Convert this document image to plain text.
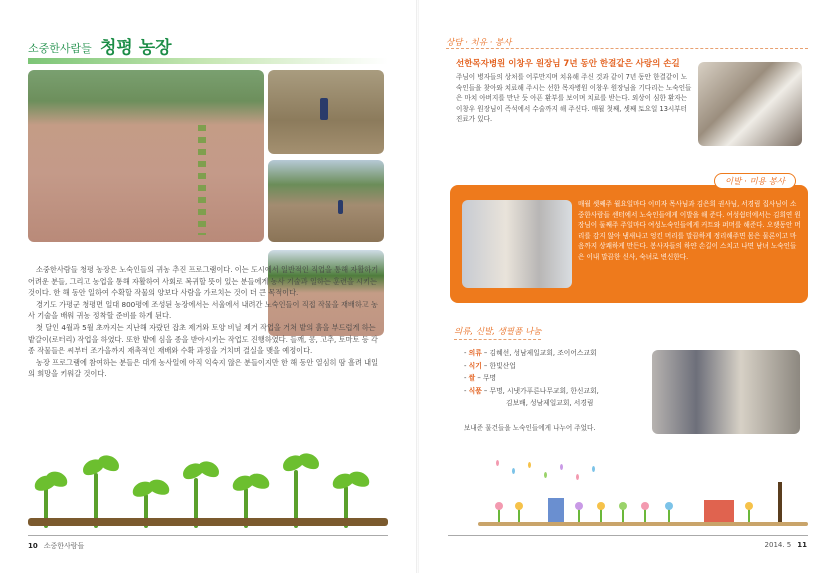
소중한사람들 청평 농장

소중한사람들 청평 농장은 노숙인들의 귀농 추진 프로그램이다. 이는 도시에서 일반적인 직업을 통해 자활하기 어려운 분들, 그리고 농업을 통해 자활하여 사회로 복귀할 뜻이 있는 분들에게 농사 기술과 일하는 훈련을 시키는 것이다. 한 해 동안 일하여 수확할 작물의 양보다 사람을 가르치는 것이 더 큰 목적이다.

경기도 가평군 청평면 일대 800평에 조성된 농장에서는 서울에서 내려간 노숙인들이 직접 작물을 재배하고 농사 기술을 배워 귀농 정착할 준비를 하게 된다.

첫 달인 4월과 5월 초까지는 지난해 자랐던 잡초 제거와 토양 비닐 제거 작업을 거쳐 밭의 흙을 부드럽게 하는 밭갈이(로터리) 작업을 하였다. 또한 밭에 심을 종을 받아시키는 작업도 진행하였다. 들깨, 콩, 고추, 토마토 등 각종 작물들은 씨부터 조가을까지 재촉적인 재배와 수확 과정을 거치며 결실을 맺을 예정이다.

농장 프로그램에 참여하는 분들은 대개 농사일에 아직 익숙지 않은 분들이지만 한 해 동안 열심히 땀 흘려 내일의 희망을 키워갈 것이다.

10 소중한사람들
상담 · 치유 · 봉사
선한목자병원 이창우 원장님 7년 동안 한결같은 사랑의 손길
주님이 병자들의 상처를 어루만지며 치유해 주신 것과 같이 7년 동안 한결같이 노숙인들을 찾아와 치료해 주시는 선한 목자병원 이창우 원장님을 기다리는 노숙인들은 마치 아버지를 만난 듯 아픈 환부를 보이며 치료를 받는다. 외상이 심한 환자는 이창우 원장님이 즉석에서 수술까지 해 주신다. 매월 첫째, 셋째 토요일 13시부터 진료가 있다.
이발 · 미용 봉사
매월 셋째주 월요일마다 이미자 목사님과 김은희 권사님, 서경림 집사님이 소중한사람들 센터에서 노숙인들에게 이발을 해 준다. 여성쉼터에서는 김희연 원장님이 둘째주 주일마다 여성노숙인들에게 커트와 퍼머를 해준다. 오랫동안 머리를 감지 않아 냄새나고 엉킨 머리를 말끔하게 정리해주면 몸은 물론이고 마음까지 상쾌하게 만든다. 봉사자들의 하얀 손길이 스치고 나면 남녀 노숙인들은 이내 말끔한 신사, 숙녀로 변신한다.
의류, 신발, 생필품 나눔
- 의류 – 김혜선, 성남제일교회, 조이어스교회
- 식기 – 한빛산업
- 쌀 – 무명
- 식품 – 무명, 시냇가푸른나무교회, 한신교회,
김보배, 성남제일교회, 서경림
보내준 물건들을 노숙인들에게 나누어 주었다.
2014. 5 11
